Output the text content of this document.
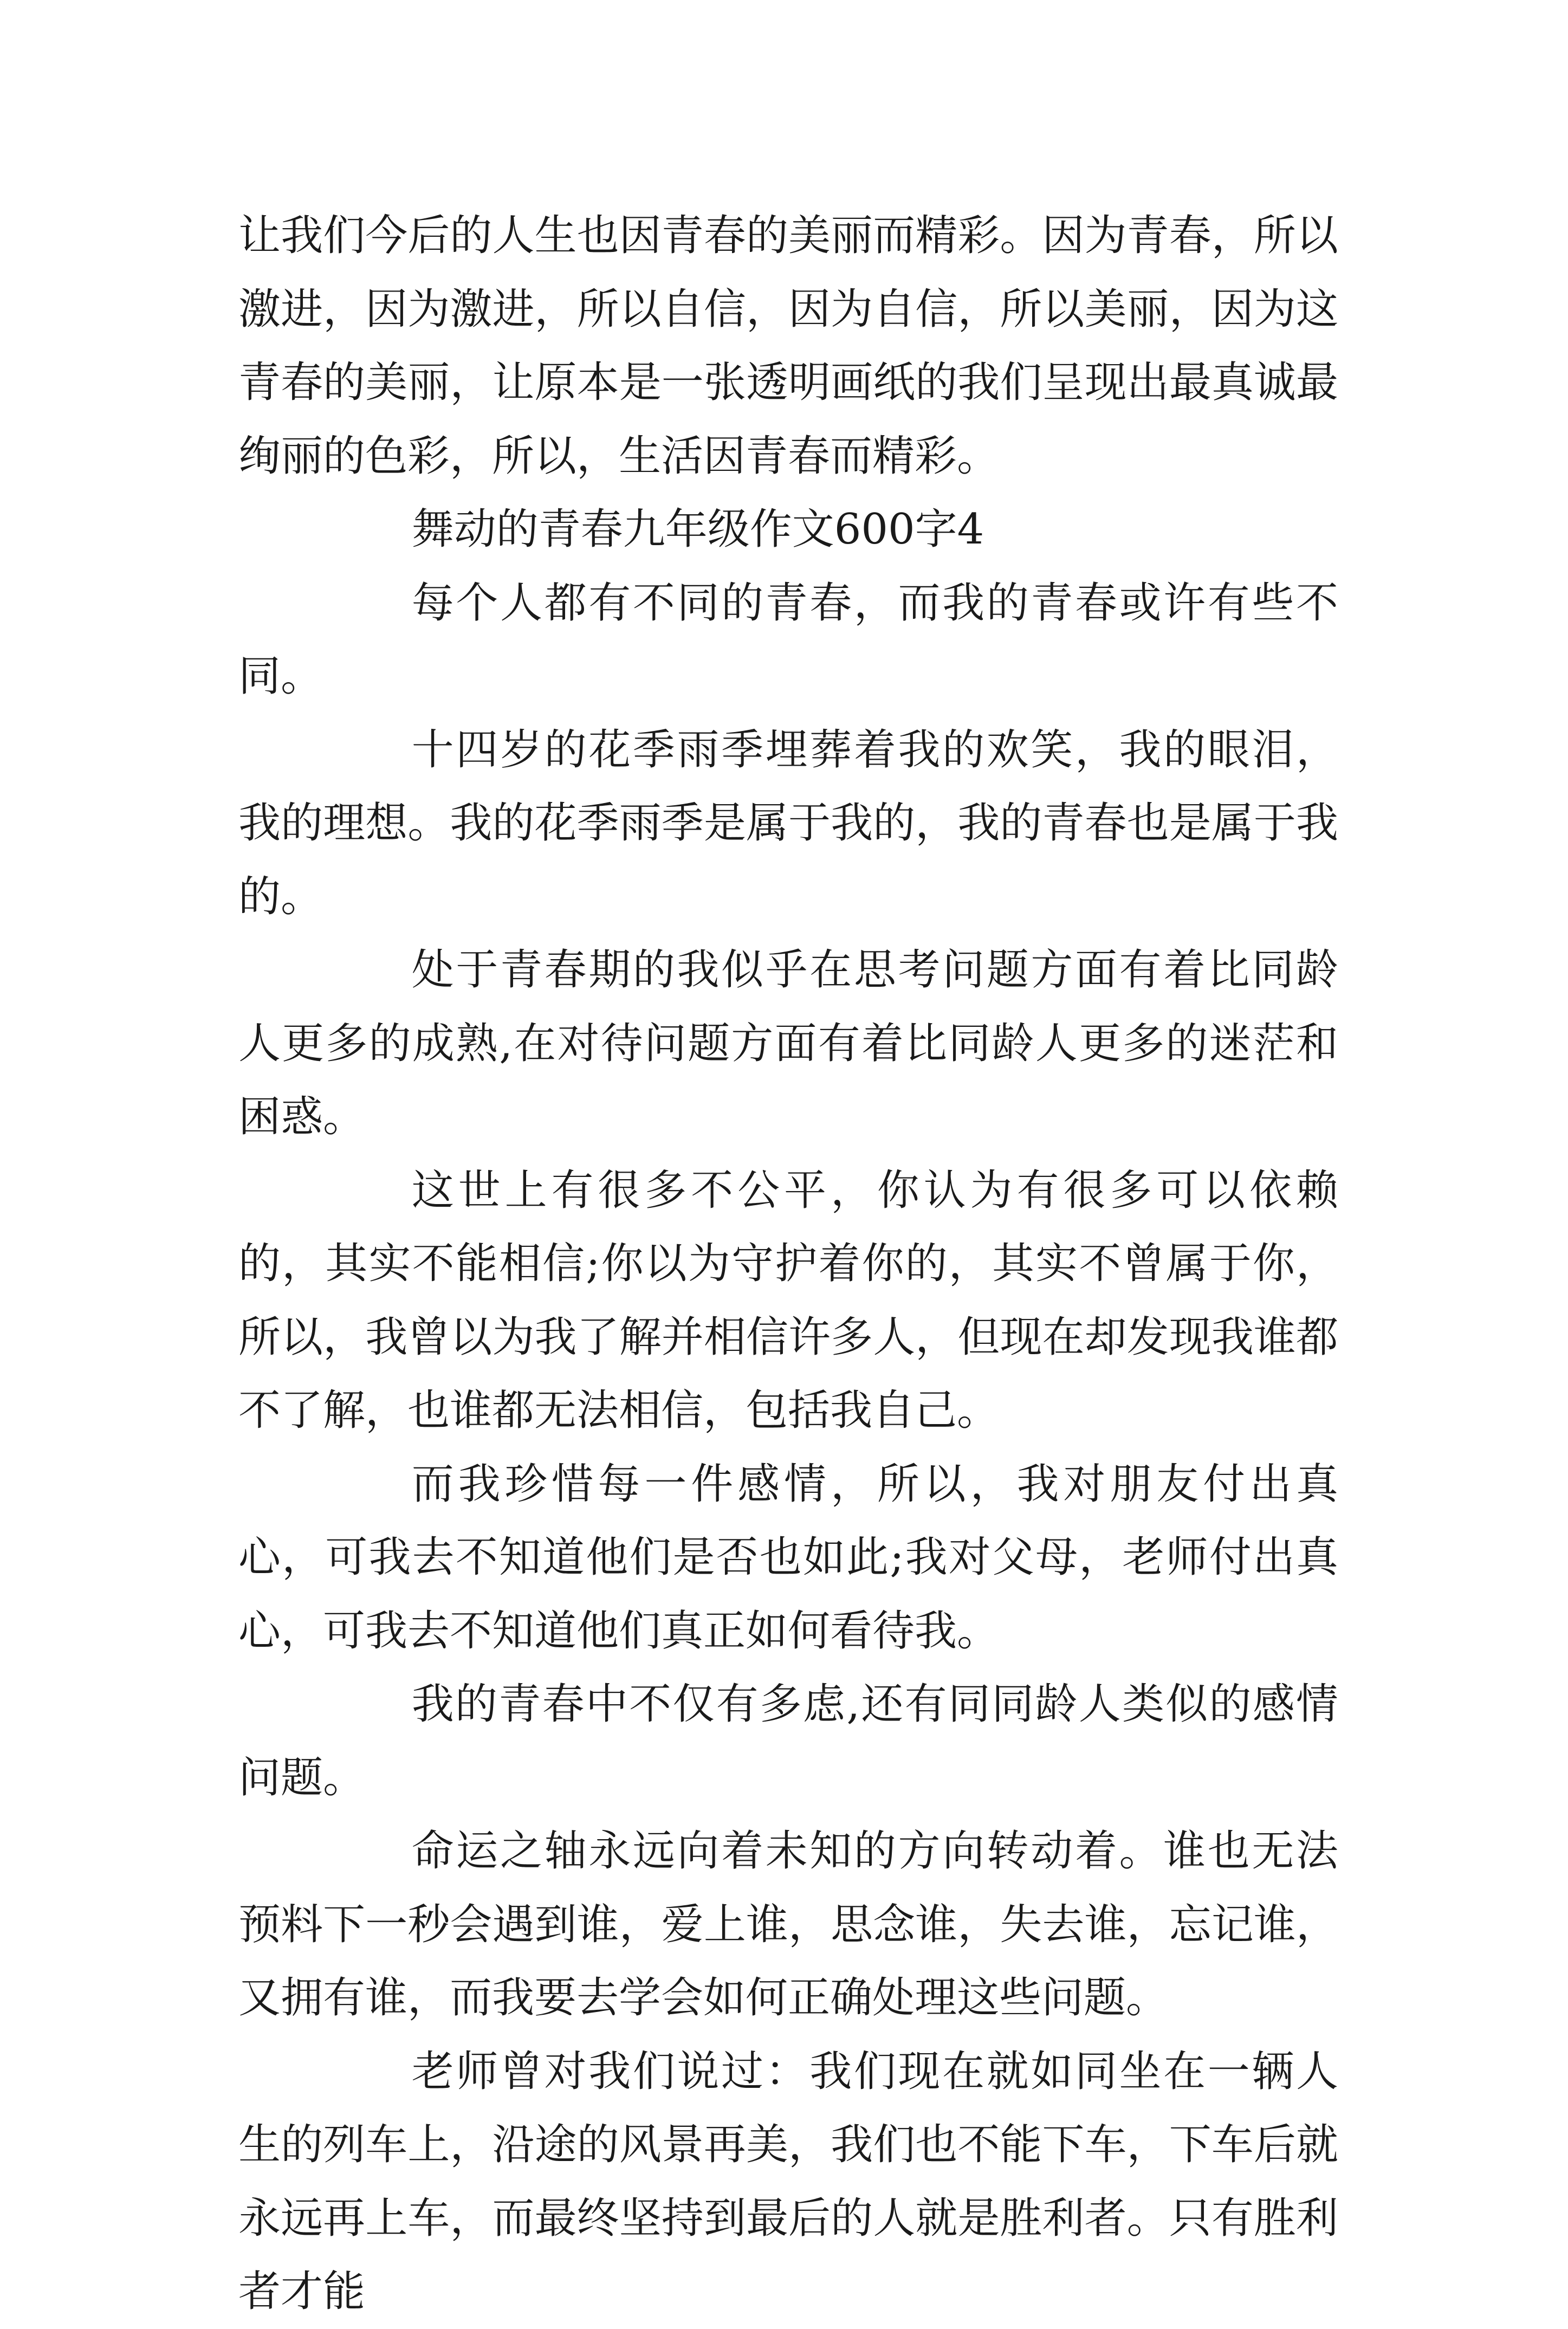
让我们今后的人生也因青春的美丽而精彩。因为青春，所以激进，因为激进，所以自信，因为自信，所以美丽，因为这青春的美丽，让原本是一张透明画纸的我们呈现出最真诚最绚丽的色彩，所以，生活因青春而精彩。

舞动的青春九年级作文600字4

每个人都有不同的青春，而我的青春或许有些不同。

十四岁的花季雨季埋葬着我的欢笑，我的眼泪，我的理想。我的花季雨季是属于我的，我的青春也是属于我的。

处于青春期的我似乎在思考问题方面有着比同龄人更多的成熟,在对待问题方面有着比同龄人更多的迷茫和困惑。

这世上有很多不公平，你认为有很多可以依赖的，其实不能相信;你以为守护着你的，其实不曾属于你，所以，我曾以为我了解并相信许多人，但现在却发现我谁都不了解，也谁都无法相信，包括我自己。

而我珍惜每一件感情，所以，我对朋友付出真心，可我去不知道他们是否也如此;我对父母，老师付出真心，可我去不知道他们真正如何看待我。

我的青春中不仅有多虑,还有同同龄人类似的感情问题。

命运之轴永远向着未知的方向转动着。谁也无法预料下一秒会遇到谁，爱上谁，思念谁，失去谁，忘记谁，又拥有谁，而我要去学会如何正确处理这些问题。

老师曾对我们说过：我们现在就如同坐在一辆人生的列车上，沿途的风景再美，我们也不能下车，下车后就永远再上车，而最终坚持到最后的人就是胜利者。只有胜利者才能
